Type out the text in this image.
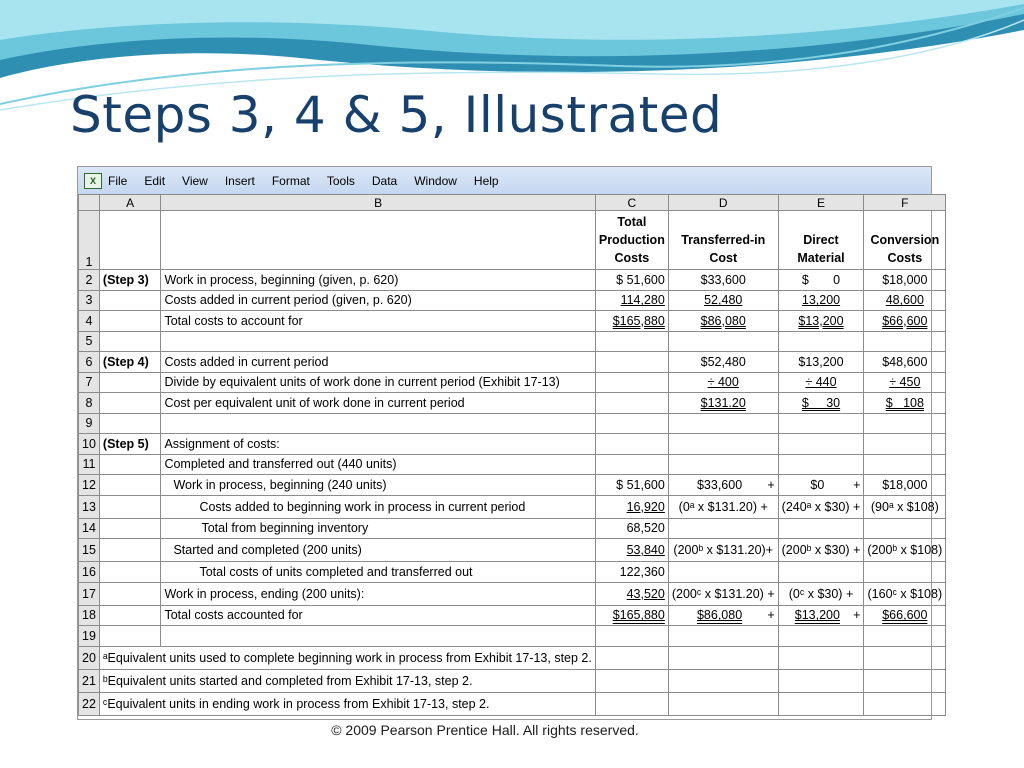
Steps 3, 4 & 5, Illustrated
X	File Edit View Insert Format Tools Data Window Help
	A	B	C	D	E	F
1			Total Production Costs	Transferred-in Cost	Direct Material	Conversion Costs
2	(Step 3)	Work in process, beginning (given, p. 620)	$ 51,600	$33,600	$       0	$18,000
3		Costs added in current period (given, p. 620)	114,280	52,480	13,200	48,600
4		Total costs to account for	$165,880	$86,080	$13,200	$66,600
5						
6	(Step 4)	Costs added in current period		$52,480	$13,200	$48,600
7		Divide by equivalent units of work done in current period (Exhibit 17-13)		÷ 400	÷ 440	÷ 450
8		Cost per equivalent unit of work done in current period		$131.20	$     30	$   108
9						
10	(Step 5)	Assignment of costs:				
11		Completed and transferred out (440 units)				
12		Work in process, beginning (240 units)	$ 51,600	$33,600 +	$0 +	$18,000
13		Costs added to beginning work in process in current period	16,920	(0ᵃ x $131.20) +	(240ᵃ x $30) +	(90ᵃ x $108)
14		Total from beginning inventory	68,520			
15		Started and completed (200 units)	53,840	(200ᵇ x $131.20)+	(200ᵇ x $30) +	(200ᵇ x $108)
16		Total costs of units completed and transferred out	122,360			
17		Work in process, ending (200 units):	43,520	(200ᶜ x $131.20) +	(0ᶜ x $30) +	(160ᶜ x $108)
18		Total costs accounted for	$165,880	$86,080 +	$13,200 +	$66,600
19						
20	ᵃEquivalent units used to complete beginning work in process from Exhibit 17-13, step 2.					
21	ᵇEquivalent units started and completed from Exhibit 17-13, step 2.					
22	ᶜEquivalent units in ending work in process from Exhibit 17-13, step 2.					
© 2009 Pearson Prentice Hall. All rights reserved.
